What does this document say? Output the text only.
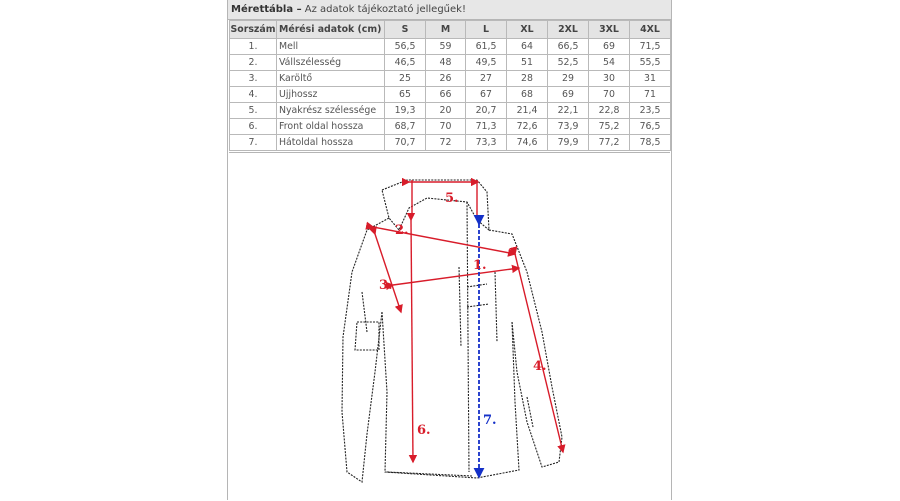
Mérettábla – Az adatok tájékoztató jellegűek!
Sorszám	Mérési adatok (cm)	S	M	L	XL	2XL	3XL	4XL
1.	Mell	56,5	59	61,5	64	66,5	69	71,5
2.	Vállszélesség	46,5	48	49,5	51	52,5	54	55,5
3.	Karöltő	25	26	27	28	29	30	31
4.	Ujjhossz	65	66	67	68	69	70	71
5.	Nyakrész szélessége	19,3	20	20,7	21,4	22,1	22,8	23,5
6.	Front oldal hossza	68,7	70	71,3	72,6	73,9	75,2	76,5
7.	Hátoldal hossza	70,7	72	73,3	74,6	79,9	77,2	78,5
1.
2.
3.
4.
5.
6.
7.
